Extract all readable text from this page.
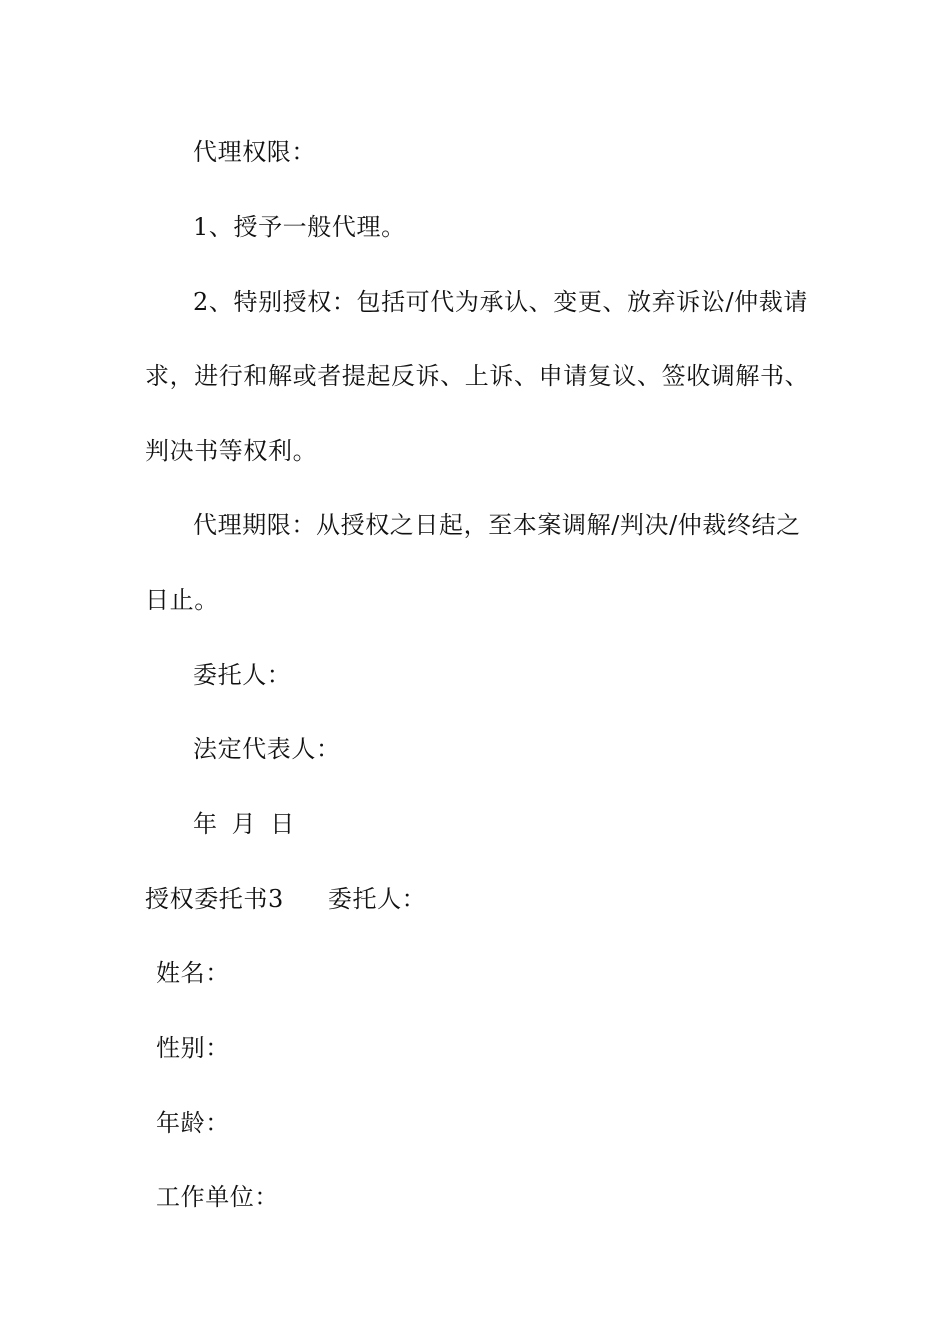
代理权限：
1、授予一般代理。
2、特别授权：包括可代为承认、变更、放弃诉讼/仲裁请
求，进行和解或者提起反诉、上诉、申请复议、签收调解书、
判决书等权利。
代理期限：从授权之日起，至本案调解/判决/仲裁终结之
日止。
委托人：
法定代表人：
年 月 日
授权委托书3 委托人：
姓名：
性别：
年龄：
工作单位：
